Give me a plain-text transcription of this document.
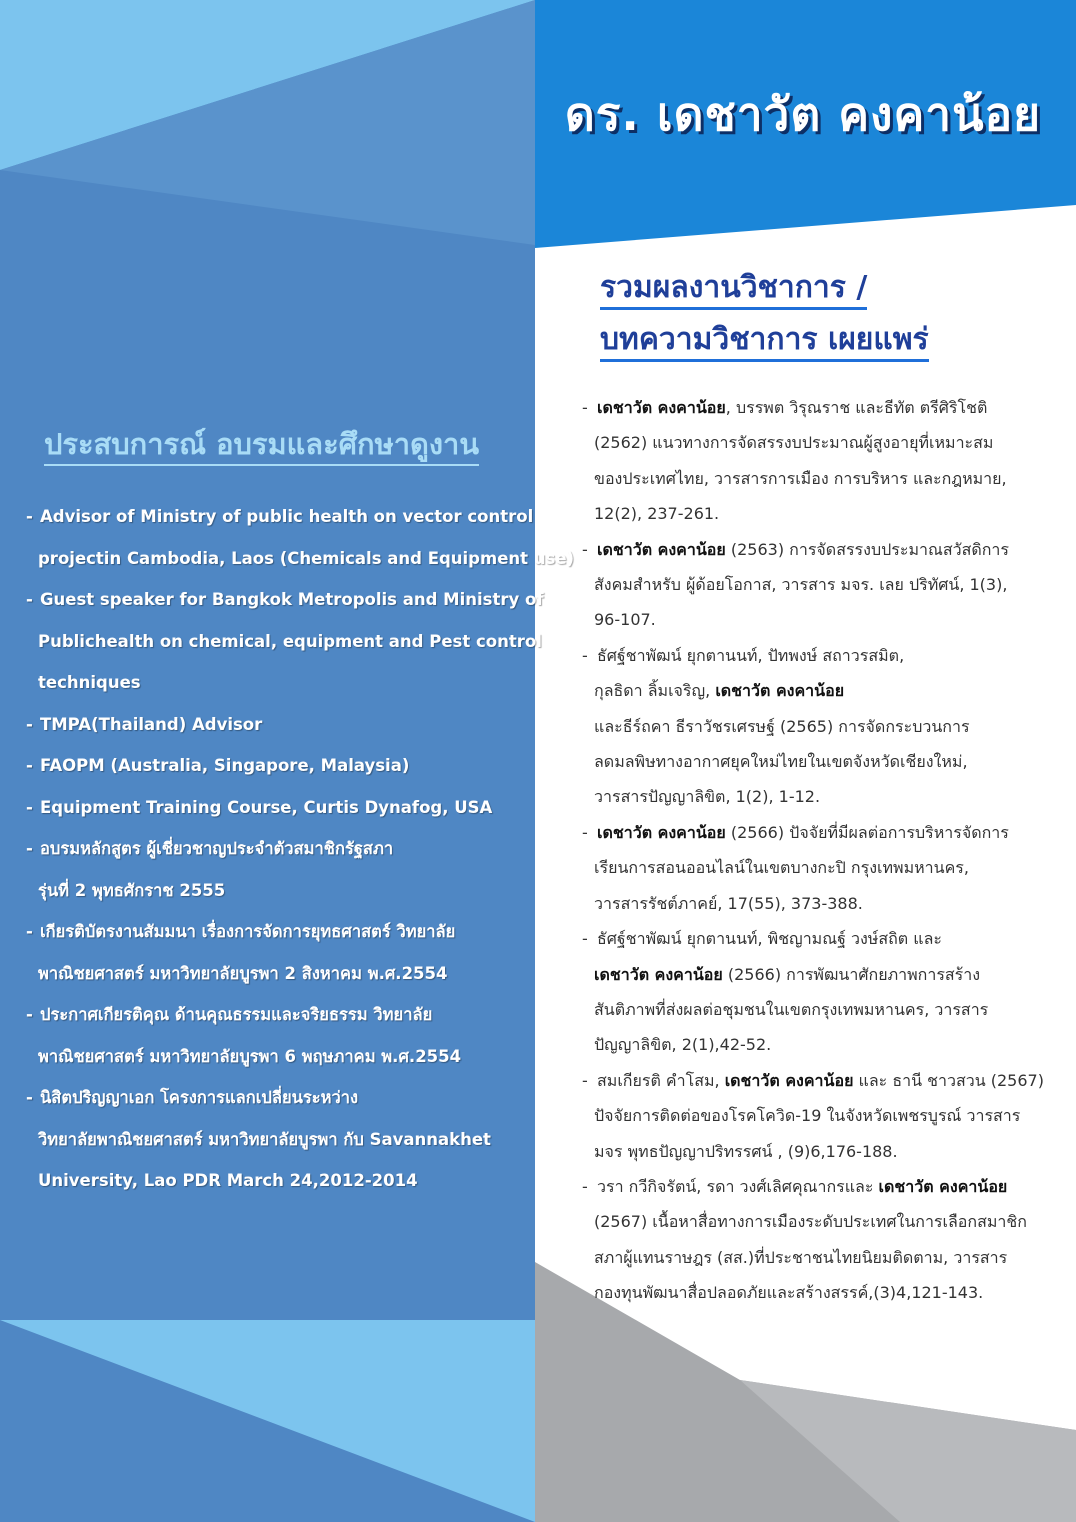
ดร. เดชาวัต คงคาน้อย
รวมผลงานวิชาการ /
บทความวิชาการ เผยแพร่
- เดชาวัต คงคาน้อย, บรรพต วิรุณราช และธีทัต ตรีศิริโชติ
(2562) แนวทางการจัดสรรงบประมาณผู้สูงอายุที่เหมาะสม
ของประเทศไทย, วารสารการเมือง การบริหาร และกฎหมาย,
12(2), 237-261.
- เดชาวัต คงคาน้อย (2563) การจัดสรรงบประมาณสวัสดิการ
สังคมสำหรับ ผู้ด้อยโอกาส, วารสาร มจร. เลย ปริทัศน์, 1(3),
96-107.
- ธัศฐ์ชาพัฒน์ ยุกตานนท์, ปัทพงษ์ สถาวรสมิต,
กุลธิดา ลิ้มเจริญ, เดชาวัต คงคาน้อย
และธีร์ถคา ธีราวัชรเศรษฐ์ (2565) การจัดกระบวนการ
ลดมลพิษทางอากาศยุคใหม่ไทยในเขตจังหวัดเชียงใหม่,
วารสารปัญญาลิขิต, 1(2), 1-12.
- เดชาวัต คงคาน้อย (2566) ปัจจัยที่มีผลต่อการบริหารจัดการ
เรียนการสอนออนไลน์ในเขตบางกะปิ กรุงเทพมหานคร,
วารสารรัชต์ภาคย์, 17(55), 373-388.
- ธัศฐ์ชาพัฒน์ ยุกตานนท์, พิชญามณฐ์ วงษ์สถิต และ
เดชาวัต คงคาน้อย (2566) การพัฒนาศักยภาพการสร้าง
สันติภาพที่ส่งผลต่อชุมชนในเขตกรุงเทพมหานคร, วารสาร
ปัญญาลิขิต, 2(1),42-52.
- สมเกียรติ คำโสม, เดชาวัต คงคาน้อย และ ธานี ชาวสวน (2567)
ปัจจัยการติดต่อของโรคโควิด-19 ในจังหวัดเพชรบูรณ์ วารสาร
มจร พุทธปัญญาปริทรรศน์ , (9)6,176-188.
- วรา กวีกิจรัตน์, รดา วงศ์เลิศคุณากรและ เดชาวัต คงคาน้อย
(2567) เนื้อหาสื่อทางการเมืองระดับประเทศในการเลือกสมาชิก
สภาผู้แทนราษฎร (สส.)ที่ประชาชนไทยนิยมติดตาม, วารสาร
กองทุนพัฒนาสื่อปลอดภัยและสร้างสรรค์,(3)4,121-143.
ประสบการณ์ อบรมและศึกษาดูงาน
- Advisor of Ministry of public health on vector control
projectin Cambodia, Laos (Chemicals and Equipment use)
- Guest speaker for Bangkok Metropolis and Ministry of
Publichealth on chemical, equipment and Pest control
techniques
- TMPA(Thailand) Advisor
- FAOPM (Australia, Singapore, Malaysia)
- Equipment Training Course, Curtis Dynafog, USA
- อบรมหลักสูตร ผู้เชี่ยวชาญประจำตัวสมาชิกรัฐสภา
รุ่นที่ 2 พุทธศักราช 2555
- เกียรติบัตรงานสัมมนา เรื่องการจัดการยุทธศาสตร์ วิทยาลัย
พาณิชยศาสตร์ มหาวิทยาลัยบูรพา 2 สิงหาคม พ.ศ.2554
- ประกาศเกียรติคุณ ด้านคุณธรรมและจริยธรรม วิทยาลัย
พาณิชยศาสตร์ มหาวิทยาลัยบูรพา 6 พฤษภาคม พ.ศ.2554
- นิสิตปริญญาเอก โครงการแลกเปลี่ยนระหว่าง
วิทยาลัยพาณิชยศาสตร์ มหาวิทยาลัยบูรพา กับ Savannakhet
University, Lao PDR March 24,2012-2014
